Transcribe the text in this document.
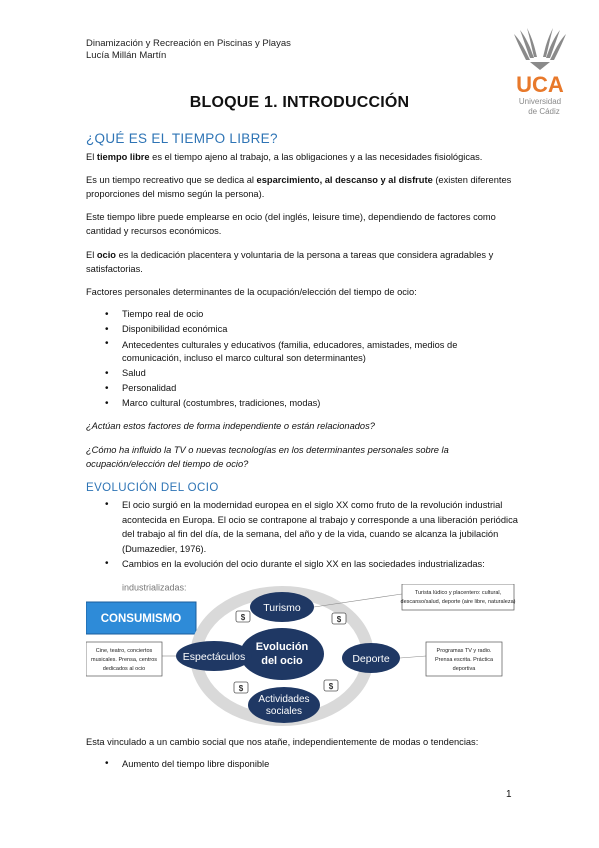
Dinamización y Recreación en Piscinas y Playas
Lucía Millán Martín
UCA
Universidad
de Cádiz
BLOQUE 1. INTRODUCCIÓN
¿QUÉ ES EL TIEMPO LIBRE?
El tiempo libre es el tiempo ajeno al trabajo, a las obligaciones y a las necesidades fisiológicas.
Es un tiempo recreativo que se dedica al esparcimiento, al descanso y al disfrute (existen diferentes proporciones del mismo según la persona).
Este tiempo libre puede emplearse en ocio (del inglés, leisure time), dependiendo de factores como cantidad y recursos económicos.
El ocio es la dedicación placentera y voluntaria de la persona a tareas que considera agradables y satisfactorias.
Factores personales determinantes de la ocupación/elección del tiempo de ocio:
• Tiempo real de ocio
• Disponibilidad económica
• Antecedentes culturales y educativos (familia, educadores, amistades, medios de comunicación, incluso el marco cultural son determinantes)
• Salud
• Personalidad
• Marco cultural (costumbres, tradiciones, modas)
¿Actúan estos factores de forma independiente o están relacionados?
¿Cómo ha influido la TV o nuevas tecnologías en los determinantes personales sobre la ocupación/elección del tiempo de ocio?
EVOLUCIÓN DEL OCIO
• El ocio surgió en la modernidad europea en el siglo XX como fruto de la revolución industrial acontecida en Europa. El ocio se contrapone al trabajo y corresponde a una liberación periódica del trabajo al fin del día, de la semana, del año y de la vida, cuando se alcanza la jubilación (Dumazedier, 1976).
• Cambios en la evolución del ocio durante el siglo XX en las sociedades industrializadas:
industrializadas:
CONSUMISMO
Evolución
del ocio
Turismo
Espectáculos	Deporte
Actividades
sociales
$	$
$	$
Turista lúdico y placentero: cultural,
descanso/salud, deporte (aire libre, naturaleza)
Cine, teatro, conciertos
musicales. Prensa, centros
dedicados al ocio
Programas TV y radio.
Prensa escrita. Práctica
deportiva
Esta vinculado a un cambio social que nos atañe, independientemente de modas o tendencias:
• Aumento del tiempo libre disponible
1
